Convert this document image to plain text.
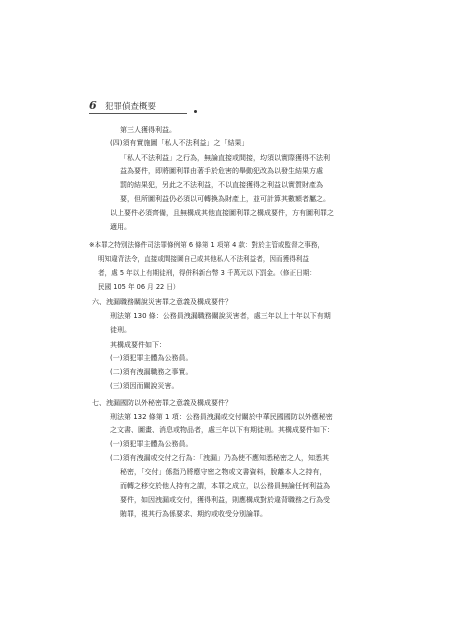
6 犯罪偵查概要
第三人獲得利益。
(四)須有實施圖「私人不法利益」之「結果」
「私人不法利益」之行為，無論直接或間接，均須以實際獲得不法利
益為要件，即將圖利罪由著手於危害的舉動犯改為以發生結果方處
罰的結果犯，另此之不法利益，不以直接獲得之利益以實質財產為
要，但所圖利益仍必須以可轉換為財產上，並可計算其數額者屬之。
以上要件必須齊備，且無構成其他直接圖利罪之構成要件，方有圖利罪之
適用。
※本罪之特別法條件司法罪條例第 6 條第 1 項第 4 款：對於主管或監督之事務，
明知違背法令，直接或間接圖自己或其他私人不法利益者，因而獲得利益
者，處 5 年以上有期徒刑，得併科新台幣 3 千萬元以下罰金。（修正日期：
民國 105 年 06 月 22 日）
六、洩漏職務關說災害罪之意義及構成要件？
刑法第 130 條：公務員洩漏職務關說災害者，處三年以上十年以下有期
徒刑。
其構成要件如下：
(一)須犯罪主體為公務員。
(二)須有洩漏職務之事實。
(三)須因而關說災害。
七、洩漏國防以外秘密罪之意義及構成要件？
刑法第 132 條第 1 項：公務員洩漏或交付關於中華民國國防以外應秘密
之文書、圖畫、消息或物品者，處三年以下有期徒刑。其構成要件如下：
(一)須犯罪主體為公務員。
(二)須有洩漏或交付之行為：「洩漏」乃為使不應知悉秘密之人，知悉其
秘密，「交付」係指乃將應守密之物或文書資料，脫離本人之持有，
而轉之移交於他人持有之謂，本罪之成立，以公務員無論任何利益為
要件，如因洩漏或交付，獲得利益，則應構成對於違背職務之行為受
賄罪，視其行為係要求、期約或收受分別論罪。
